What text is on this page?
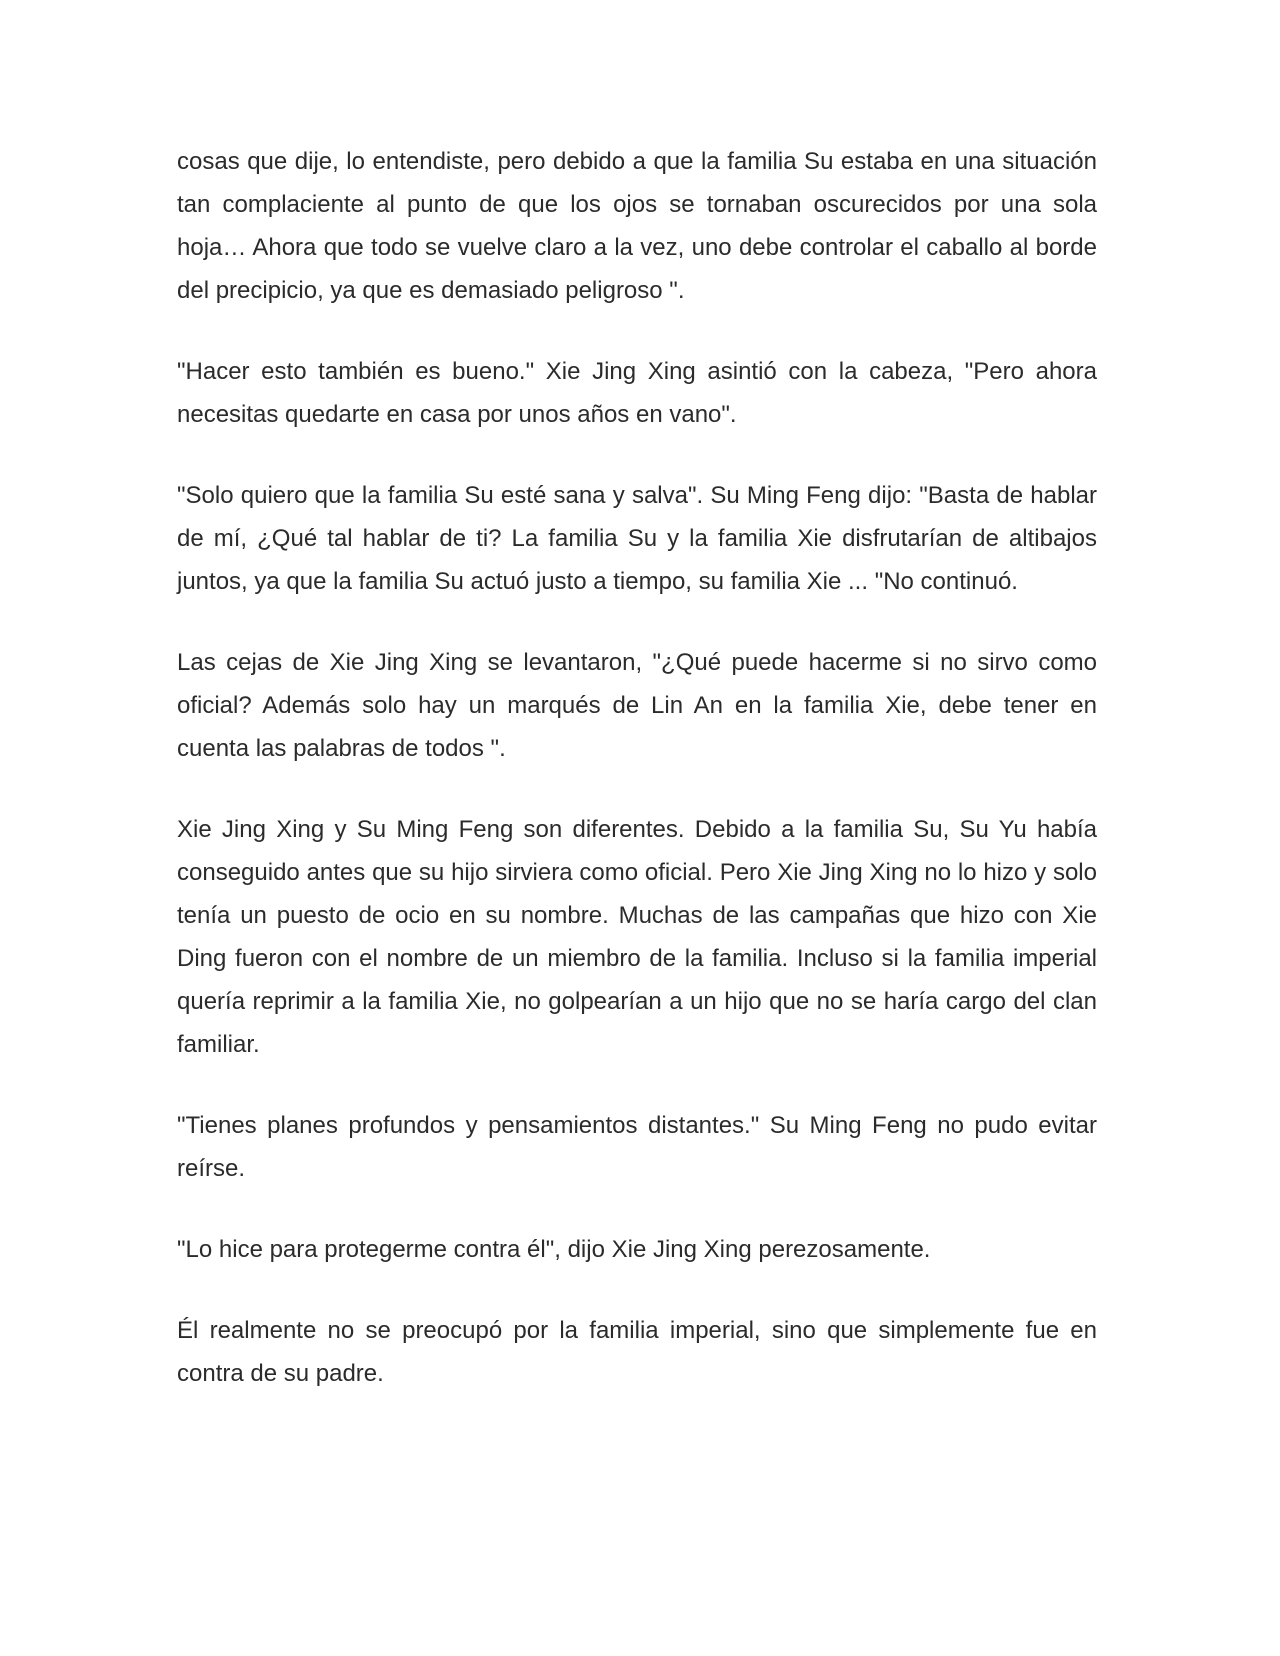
cosas que dije, lo entendiste, pero debido a que la familia Su estaba en una situación tan complaciente al punto de que los ojos se tornaban oscurecidos por una sola hoja… Ahora que todo se vuelve claro a la vez, uno debe controlar el caballo al borde del precipicio, ya que es demasiado peligroso ".

"Hacer esto también es bueno." Xie Jing Xing asintió con la cabeza, "Pero ahora necesitas quedarte en casa por unos años en vano".

"Solo quiero que la familia Su esté sana y salva". Su Ming Feng dijo: "Basta de hablar de mí, ¿Qué tal hablar de ti? La familia Su y la familia Xie disfrutarían de altibajos juntos, ya que la familia Su actuó justo a tiempo, su familia Xie ... "No continuó.

Las cejas de Xie Jing Xing se levantaron, "¿Qué puede hacerme si no sirvo como oficial? Además solo hay un marqués de Lin An en la familia Xie, debe tener en cuenta las palabras de todos ".

Xie Jing Xing y Su Ming Feng son diferentes. Debido a la familia Su, Su Yu había conseguido antes que su hijo sirviera como oficial. Pero Xie Jing Xing no lo hizo y solo tenía un puesto de ocio en su nombre. Muchas de las campañas que hizo con Xie Ding fueron con el nombre de un miembro de la familia. Incluso si la familia imperial quería reprimir a la familia Xie, no golpearían a un hijo que no se haría cargo del clan familiar.

"Tienes planes profundos y pensamientos distantes." Su Ming Feng no pudo evitar reírse.

"Lo hice para protegerme contra él", dijo Xie Jing Xing perezosamente.

Él realmente no se preocupó por la familia imperial, sino que simplemente fue en contra de su padre.
